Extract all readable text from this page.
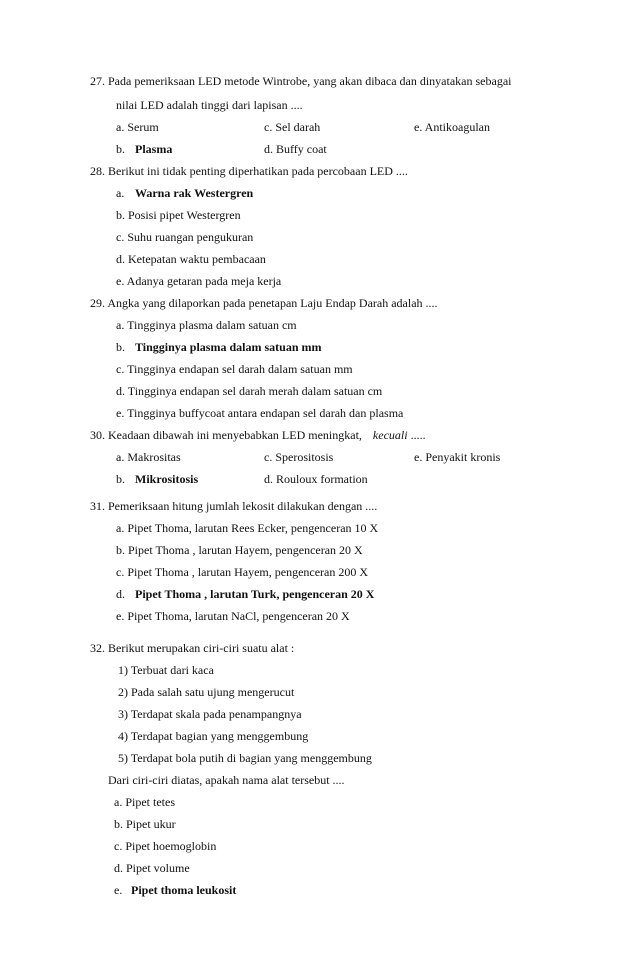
27. Pada pemeriksaan LED metode Wintrobe, yang akan dibaca dan dinyatakan sebagai
nilai LED adalah tinggi dari lapisan ....
a. Serum	c. Sel darah	e. Antikoagulan
b. Plasma	d. Buffy coat
28. Berikut ini tidak penting diperhatikan pada percobaan LED ....
a. Warna rak Westergren
b. Posisi pipet Westergren
c. Suhu ruangan pengukuran
d. Ketepatan waktu pembacaan
e. Adanya getaran pada meja kerja
29. Angka yang dilaporkan pada penetapan Laju Endap Darah adalah ....
a. Tingginya plasma dalam satuan cm
b. Tingginya plasma dalam satuan mm
c. Tingginya endapan sel darah dalam satuan mm
d. Tingginya endapan sel darah merah dalam satuan cm
e. Tingginya buffycoat antara endapan sel darah dan plasma
30. Keadaan dibawah ini menyebabkan LED meningkat, kecuali .....
a. Makrositas	c. Sperositosis	e. Penyakit kronis
b. Mikrositosis	d. Rouloux formation
31. Pemeriksaan hitung jumlah lekosit dilakukan dengan ....
a. Pipet Thoma, larutan Rees Ecker, pengenceran 10 X
b. Pipet Thoma , larutan Hayem, pengenceran 20 X
c. Pipet Thoma , larutan Hayem, pengenceran 200 X
d. Pipet Thoma , larutan Turk, pengenceran 20 X
e. Pipet Thoma, larutan NaCl, pengenceran 20 X
32. Berikut merupakan ciri-ciri suatu alat :
1) Terbuat dari kaca
2) Pada salah satu ujung mengerucut
3) Terdapat skala pada penampangnya
4) Terdapat bagian yang menggembung
5) Terdapat bola putih di bagian yang menggembung
Dari ciri-ciri diatas, apakah nama alat tersebut ....
a. Pipet tetes
b. Pipet ukur
c. Pipet hoemoglobin
d. Pipet volume
e. Pipet thoma leukosit
